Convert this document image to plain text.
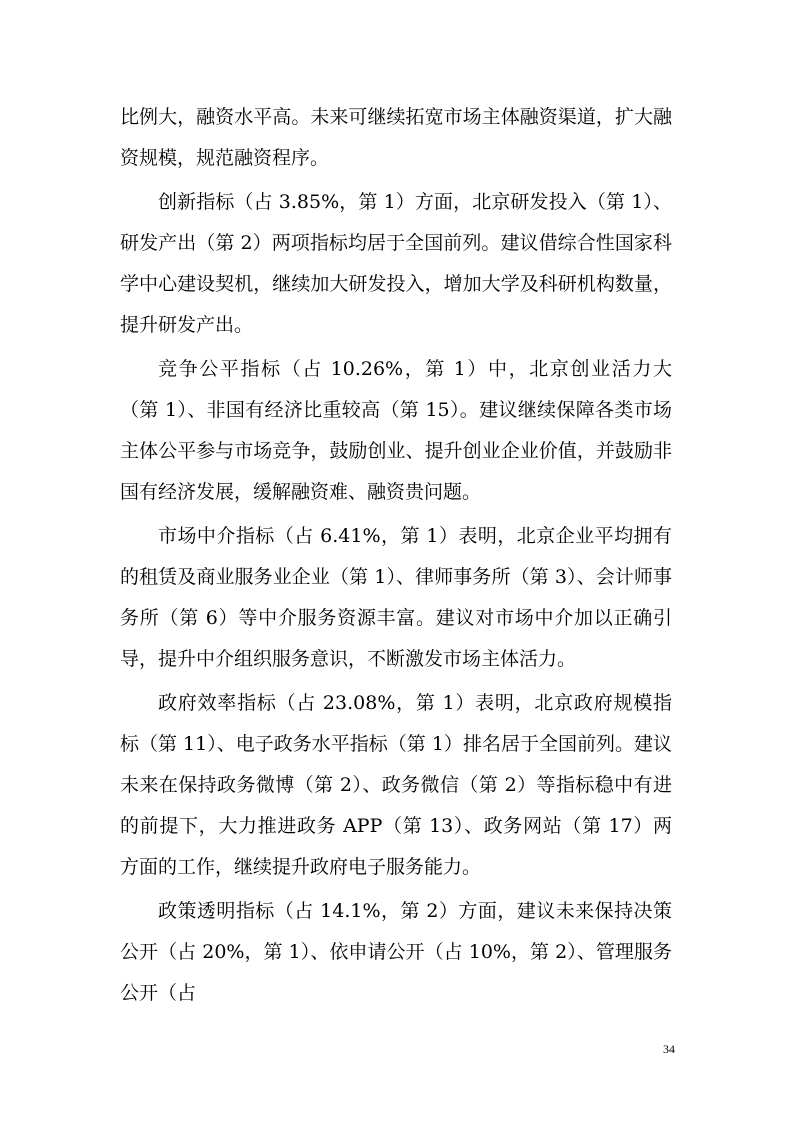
比例大，融资水平高。未来可继续拓宽市场主体融资渠道，扩大融资规模，规范融资程序。

创新指标（占 3.85%，第 1）方面，北京研发投入（第 1）、研发产出（第 2）两项指标均居于全国前列。建议借综合性国家科学中心建设契机，继续加大研发投入，增加大学及科研机构数量，提升研发产出。

竞争公平指标（占 10.26%，第 1）中，北京创业活力大（第 1）、非国有经济比重较高（第 15）。建议继续保障各类市场主体公平参与市场竞争，鼓励创业、提升创业企业价值，并鼓励非国有经济发展，缓解融资难、融资贵问题。

市场中介指标（占 6.41%，第 1）表明，北京企业平均拥有的租赁及商业服务业企业（第 1）、律师事务所（第 3）、会计师事务所（第 6）等中介服务资源丰富。建议对市场中介加以正确引导，提升中介组织服务意识，不断激发市场主体活力。

政府效率指标（占 23.08%，第 1）表明，北京政府规模指标（第 11）、电子政务水平指标（第 1）排名居于全国前列。建议未来在保持政务微博（第 2）、政务微信（第 2）等指标稳中有进的前提下，大力推进政务 APP（第 13）、政务网站（第 17）两方面的工作，继续提升政府电子服务能力。

政策透明指标（占 14.1%，第 2）方面，建议未来保持决策公开（占 20%，第 1）、依申请公开（占 10%，第 2）、管理服务公开（占

34
